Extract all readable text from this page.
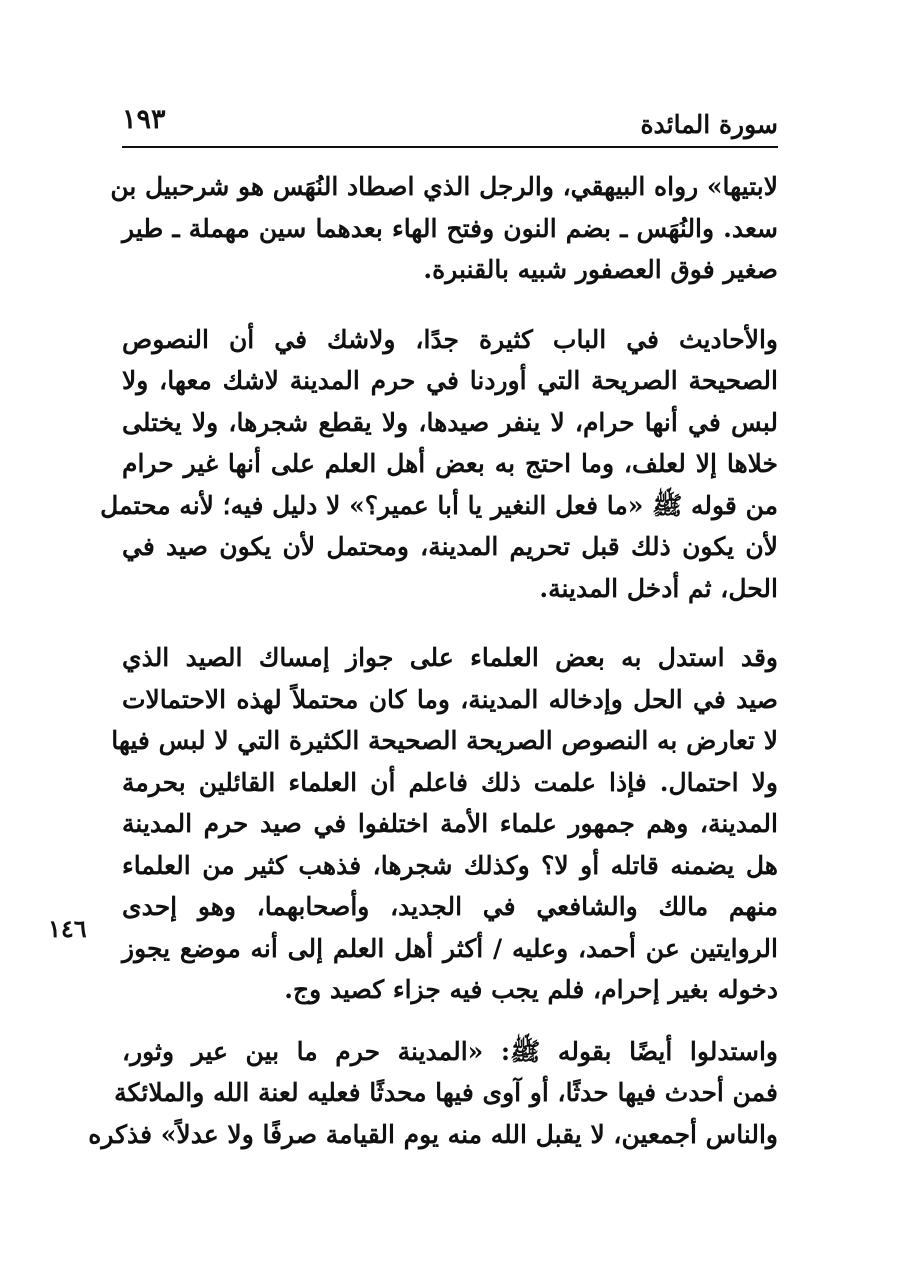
سورة المائدة
١٩٣
١٤٦

لابتيها» رواه البيهقي، والرجل الذي اصطاد النُهَس هو شرحبيل بن
سعد. والنُهَس ـ بضم النون وفتح الهاء بعدهما سين مهملة ـ طير
صغير فوق العصفور شبيه بالقنبرة.

والأحاديث في الباب كثيرة جدًا، ولاشك في أن النصوص
الصحيحة الصريحة التي أوردنا في حرم المدينة لاشك معها، ولا
لبس في أنها حرام، لا ينفر صيدها، ولا يقطع شجرها، ولا يختلى
خلاها إلا لعلف، وما احتج به بعض أهل العلم على أنها غير حرام
من قوله ﷺ «ما فعل النغير يا أبا عمير؟» لا دليل فيه؛ لأنه محتمل
لأن يكون ذلك قبل تحريم المدينة، ومحتمل لأن يكون صيد في
الحل، ثم أدخل المدينة.

وقد استدل به بعض العلماء على جواز إمساك الصيد الذي
صيد في الحل وإدخاله المدينة، وما كان محتملاً لهذه الاحتمالات
لا تعارض به النصوص الصريحة الصحيحة الكثيرة التي لا لبس فيها
ولا احتمال. فإذا علمت ذلك فاعلم أن العلماء القائلين بحرمة
المدينة، وهم جمهور علماء الأمة اختلفوا في صيد حرم المدينة
هل يضمنه قاتله أو لا؟ وكذلك شجرها، فذهب كثير من العلماء
منهم مالك والشافعي في الجديد، وأصحابهما، وهو إحدى
الروايتين عن أحمد، وعليه / أكثر أهل العلم إلى أنه موضع يجوز
دخوله بغير إحرام، فلم يجب فيه جزاء كصيد وج.

واستدلوا أيضًا بقوله ﷺ: «المدينة حرم ما بين عير وثور،
فمن أحدث فيها حدثًا، أو آوى فيها محدثًا فعليه لعنة الله والملائكة
والناس أجمعين، لا يقبل الله منه يوم القيامة صرفًا ولا عدلاً» فذكره
